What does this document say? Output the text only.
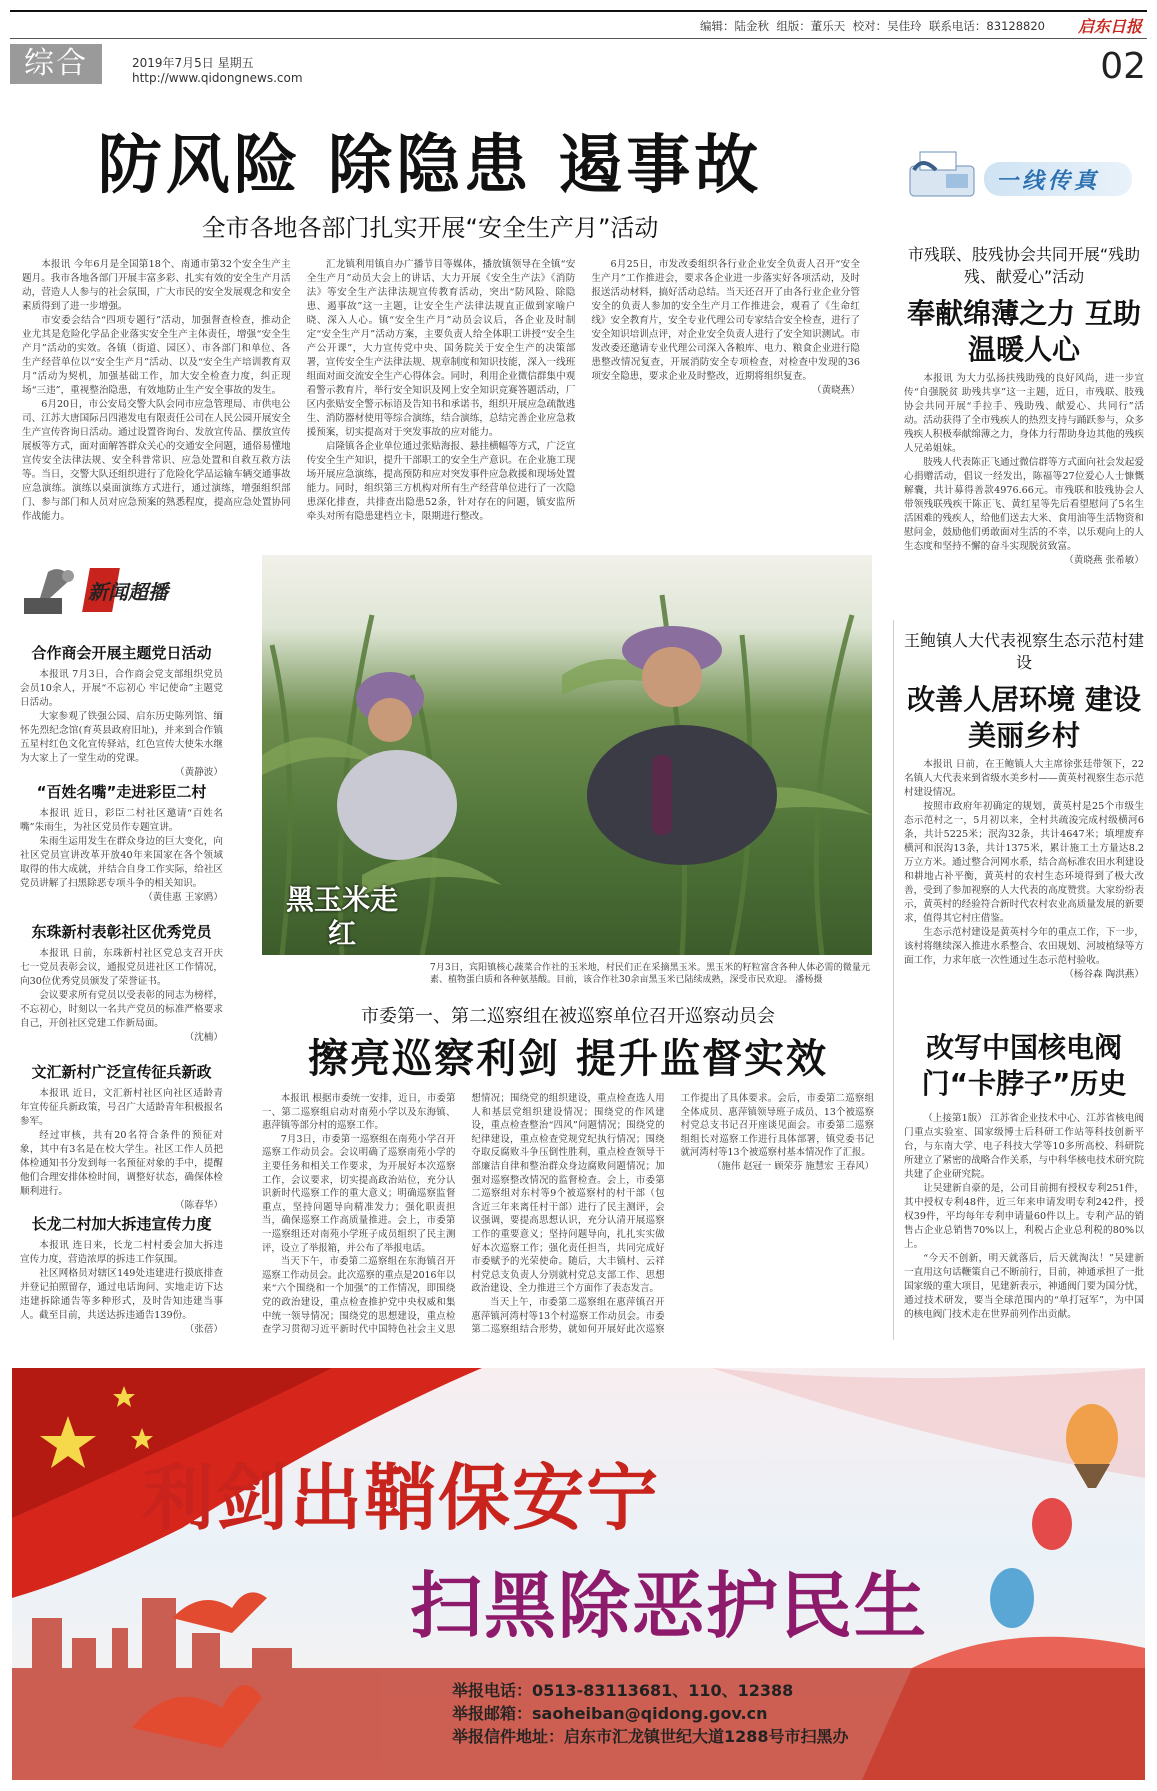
编辑：陆金秋 组版：董乐天 校对：吴佳玲 联系电话：83128820	启东日报
综合	2019年7月5日 星期五
http://www.qidongnews.com	02
防风险 除隐患 遏事故
全市各地各部门扎实开展“安全生产月”活动

本报讯 今年6月是全国第18个、南通市第32个安全生产主题月。我市各地各部门开展丰富多彩、扎实有效的安全生产月活动，营造人人参与的社会氛围，广大市民的安全发展观念和安全素质得到了进一步增强。

市安委会结合“四项专题行”活动，加强督查检查，推动企业尤其是危险化学品企业落实安全生产主体责任，增强“安全生产月”活动的实效。各镇（街道、园区）、市各部门和单位、各生产经营单位以“安全生产月”活动、以及“安全生产培训教育双月”活动为契机，加强基础工作，加大安全检查力度，纠正现场“三违”，重视整治隐患，有效地防止生产安全事故的发生。

6月20日，市公安局交警大队会同市应急管理局、市供电公司、江苏大唐国际吕四港发电有限责任公司在人民公园开展安全生产宣传咨询日活动。通过设置咨询台、发放宣传品、摆放宣传展板等方式，面对面解答群众关心的交通安全问题，通俗易懂地宣传安全法律法规、安全科普常识、应急处置和自救互救方法等。当日，交警大队还组织进行了危险化学品运输车辆交通事故应急演练。演练以桌面演练方式进行，通过演练，增强组织部门、参与部门和人员对应急预案的熟悉程度，提高应急处置协同作战能力。

汇龙镇利用镇自办广播节目等媒体，播放镇领导在全镇“安全生产月”动员大会上的讲话、大力开展《安全生产法》《消防法》等安全生产法律法规宣传教育活动，突出“防风险、除隐患、遏事故”这一主题，让安全生产法律法规直正做到家喻户晓、深入人心。镇“安全生产月”动员会议后，各企业及时制定“安全生产月”活动方案，主要负责人给全体职工讲授“安全生产公开课”，大力宣传党中央、国务院关于安全生产的决策部署，宣传安全生产法律法规、规章制度和知识技能，深入一线班组面对面交流安全生产心得体会。同时，利用企业微信群集中观看警示教育片，举行安全知识及网上安全知识竞赛答题活动，厂区内张贴安全警示标语及告知书和承诺书，组织开展应急疏散逃生、消防器材使用等综合演练，结合演练，总结完善企业应急救援预案，切实提高对于突发事故的应对能力。

启隆镇各企业单位通过张贴海报、悬挂横幅等方式，广泛宣传安全生产知识，提升干部职工的安全生产意识。在企业施工现场开展应急演练，提高预防和应对突发事件应急救援和现场处置能力。同时，组织第三方机构对所有生产经营单位进行了一次隐患深化排查，共排查出隐患52条，针对存在的问题，镇安监所牵头对所有隐患建档立卡，限期进行整改。

6月25日，市发改委组织各行业企业安全负责人召开“安全生产月”工作推进会，要求各企业进一步落实好各项活动，及时报送活动材料，搞好活动总结。当天还召开了由各行业企业分管安全的负责人参加的安全生产月工作推进会，观看了《生命红线》安全教育片，安全专业代理公司专家结合安全检查，进行了安全知识培训点评，对企业安全负责人进行了安全知识测试。市发改委还邀请专业代理公司深入各粮库、电力、粮食企业进行隐患整改情况复查，开展消防安全专项检查，对检查中发现的36项安全隐患，要求企业及时整改，近期将组织复查。

（黄晓燕）

一线传真
市残联、肢残协会共同开展“残助残、献爱心”活动
奉献绵薄之力 互助温暖人心

本报讯 为大力弘扬扶残助残的良好风尚，进一步宣传“自强脱贫 助残共享”这一主题，近日，市残联、肢残协会共同开展“手拉手、残助残、献爱心、共同行”活动。活动获得了全市残疾人的热烈支持与踊跃参与，众多残疾人积极奉献绵薄之力，身体力行帮助身边其他的残疾人兄弟姐妹。

肢残人代表陈正飞通过微信群等方式面向社会发起爱心捐赠活动，倡议一经发出，陈福等27位爱心人士慷慨解囊，共计募得善款4976.66元。市残联和肢残协会人带领残联残疾干陈正飞、黄红星等先后看望慰问了5名生活困难的残疾人，给他们送去大米、食用油等生活物资和慰问金，鼓励他们勇敢面对生活的不幸，以乐观向上的人生态度和坚持不懈的奋斗实现脱贫致富。

（黄晓燕 张希敏）

新闻超播
合作商会开展主题党日活动

本报讯 7月3日，合作商会党支部组织党员会员10余人，开展“不忘初心 牢记使命”主题党日活动。

大家参观了铁强公园、启东历史陈列馆、缅怀先烈纪念馆(育英县政府旧址)，并来到合作镇五星村红色文化宣传驿站，红色宣传大使朱水继为大家上了一堂生动的党课。

（黄静波）

“百姓名嘴”走进彩臣二村

本报讯 近日，彩臣二村社区邀请“百姓名嘴”朱雨生，为社区党员作专题宣讲。

朱雨生运用发生在群众身边的巨大变化，向社区党员宣讲改革开放40年来国家在各个领域取得的伟大成就，并结合自身工作实际，给社区党员讲解了扫黑除恶专项斗争的相关知识。

（黄佳惠 王家鸥）

东珠新村表彰社区优秀党员

本报讯 日前，东珠新村社区党总支召开庆七一党员表彰会议，通报党员进社区工作情况，向30位优秀党员颁发了荣誉证书。

会议要求所有党员以受表彰的同志为榜样，不忘初心，时刻以一名共产党员的标准严格要求自己，开创社区党建工作新局面。

（沈楠）

文汇新村广泛宣传征兵新政

本报讯 近日，文汇新村社区向社区适龄青年宣传征兵新政策，号召广大适龄青年积极报名参军。

经过审核，共有20名符合条件的预征对象，其中有3名是在校大学生。社区工作人员把体检通知书分发到每一名预征对象的手中，提醒他们合理安排体检时间，调整好状态，确保体检顺利进行。

（陈春华）

长龙二村加大拆违宣传力度

本报讯 连日来，长龙二村村委会加大拆违宣传力度，营造浓厚的拆违工作氛围。

社区网格员对辖区149处违建进行摸底排查并登记拍照留存，通过电话询问、实地走访下达违建拆除通告等多种形式，及时告知违建当事人。截至目前，共送达拆违通告139份。

（张蓓）

黑玉米走红
7月3日，宾阳镇核心蔬菜合作社的玉米地，村民们正在采摘黑玉米。黑玉米的籽粒富含各种人体必需的微量元素、植物蛋白质和各种氨基酸。目前，该合作社30余亩黑玉米已陆续成熟，深受市民欢迎。 潘杨摄
市委第一、第二巡察组在被巡察单位召开巡察动员会
擦亮巡察利剑 提升监督实效

本报讯 根据市委统一安排，近日，市委第一、第二巡察组启动对南苑小学以及东海镇、惠萍镇等部分村的巡察工作。

7月3日，市委第一巡察组在南苑小学召开巡察工作动员会。会议明确了巡察南苑小学的主要任务和相关工作要求，为开展好本次巡察工作，会议要求，切实提高政治站位，充分认识新时代巡察工作的重大意义；明确巡察监督重点，坚持问题导向精准发力；强化职责担当，确保巡察工作高质量推进。会上，市委第一巡察组还对南苑小学班子成员组织了民主测评，设立了举报箱，并公布了举报电话。

当天下午，市委第二巡察组在东海镇召开巡察工作动员会。此次巡察的重点是2016年以来“六个围绕和一个加强”的工作情况，即围绕党的政治建设，重点检查推护党中央权威和集中统一领导情况；围绕党的思想建设，重点检查学习贯彻习近平新时代中国特色社会主义思想情况；围绕党的组织建设，重点检查选人用人和基层党组织建设情况；围绕党的作风建设，重点检查整治“四风”问题情况；围绕党的纪律建设，重点检查党规党纪执行情况；围绕夺取反腐败斗争压倒性胜利，重点检查领导干部廉洁自律和整治群众身边腐败问题情况；加强对巡察整改情况的监督检查。会上，市委第二巡察组对东村等9个被巡察村的村干部（包含近三年来离任村干部）进行了民主测评，会议强调，要提高思想认识，充分认清开展巡察工作的重要意义；坚持问题导向，扎扎实实做好本次巡察工作；强化责任担当，共同完成好市委赋予的光荣使命。随后，大丰镇村、云祥村党总支负责人分别就村党总支部工作、思想政治建设、全力推进三个方面作了表态发言。

当天上午，市委第二巡察组在惠萍镇召开惠萍镇河湾村等13个村巡察工作动员会。市委第二巡察组结合形势，就如何开展好此次巡察工作提出了具体要求。会后，市委第二巡察组全体成员、惠萍镇领导班子成员、13个被巡察村党总支书记召开座谈见面会。市委第二巡察组组长对巡察工作进行具体部署，镇党委书记就河湾村等13个被巡察村基本情况作了汇报。

（施伟 赵冠一 顾荣芬 施慧宏 王春风）

王鲍镇人大代表视察生态示范村建设
改善人居环境 建设美丽乡村

本报讯 日前，在王鲍镇人大主席徐张廷带领下，22名镇人大代表来到省级水美乡村——黄英村视察生态示范村建设情况。

按照市政府年初确定的规划，黄英村是25个市级生态示范村之一，5月初以来，全村共疏浚完成村级横河6条，共计5225米；泯沟32条，共计4647米；填埋废弃横河和泯沟13条，共计1375米，累计施工土方量达8.2万立方米。通过整合河网水系，结合高标准农田水利建设和耕地占补平衡，黄英村的农村生态环境得到了极大改善，受到了参加视察的人大代表的高度赞赏。大家纷纷表示，黄英村的经验符合新时代农村农业高质量发展的新要求，值得其它村庄借鉴。

生态示范村建设是黄英村今年的重点工作，下一步，该村将继续深入推进水系整合、农田规划、河坡植绿等方面工作，力求年底一次性通过生态示范村验收。

（杨谷森 陶洪燕）

改写中国核电阀门“卡脖子”历史

（上接第1版） 江苏省企业技术中心、江苏省核电阀门重点实验室、国家级博士后科研工作站等科技创新平台，与东南大学、电子科技大学等10多所高校、科研院所建立了紧密的战略合作关系，与中科华核电技术研究院共建了企业研究院。

让吴建新自豪的是，公司目前拥有授权专利251件，其中授权专利48件，近三年来申请发明专利242件，授权39件，平均每年专利申请量60件以上。专利产品的销售占企业总销售70%以上，利税占企业总利税的80%以上。

“今天不创新，明天就落后，后天就淘汰！”吴建新一直用这句话鞭策自己不断前行，目前，神通承担了一批国家级的重大项目，见建新表示，神通阀门要为国分忧，通过技术研发，要当全球范围内的“单打冠军”，为中国的核电阀门技术走在世界前列作出贡献。

利剑出鞘保安宁
扫黑除恶护民生
举报电话：0513-83113681、110、12388
举报邮箱：saoheiban@qidong.gov.cn
举报信件地址：启东市汇龙镇世纪大道1288号市扫黑办
